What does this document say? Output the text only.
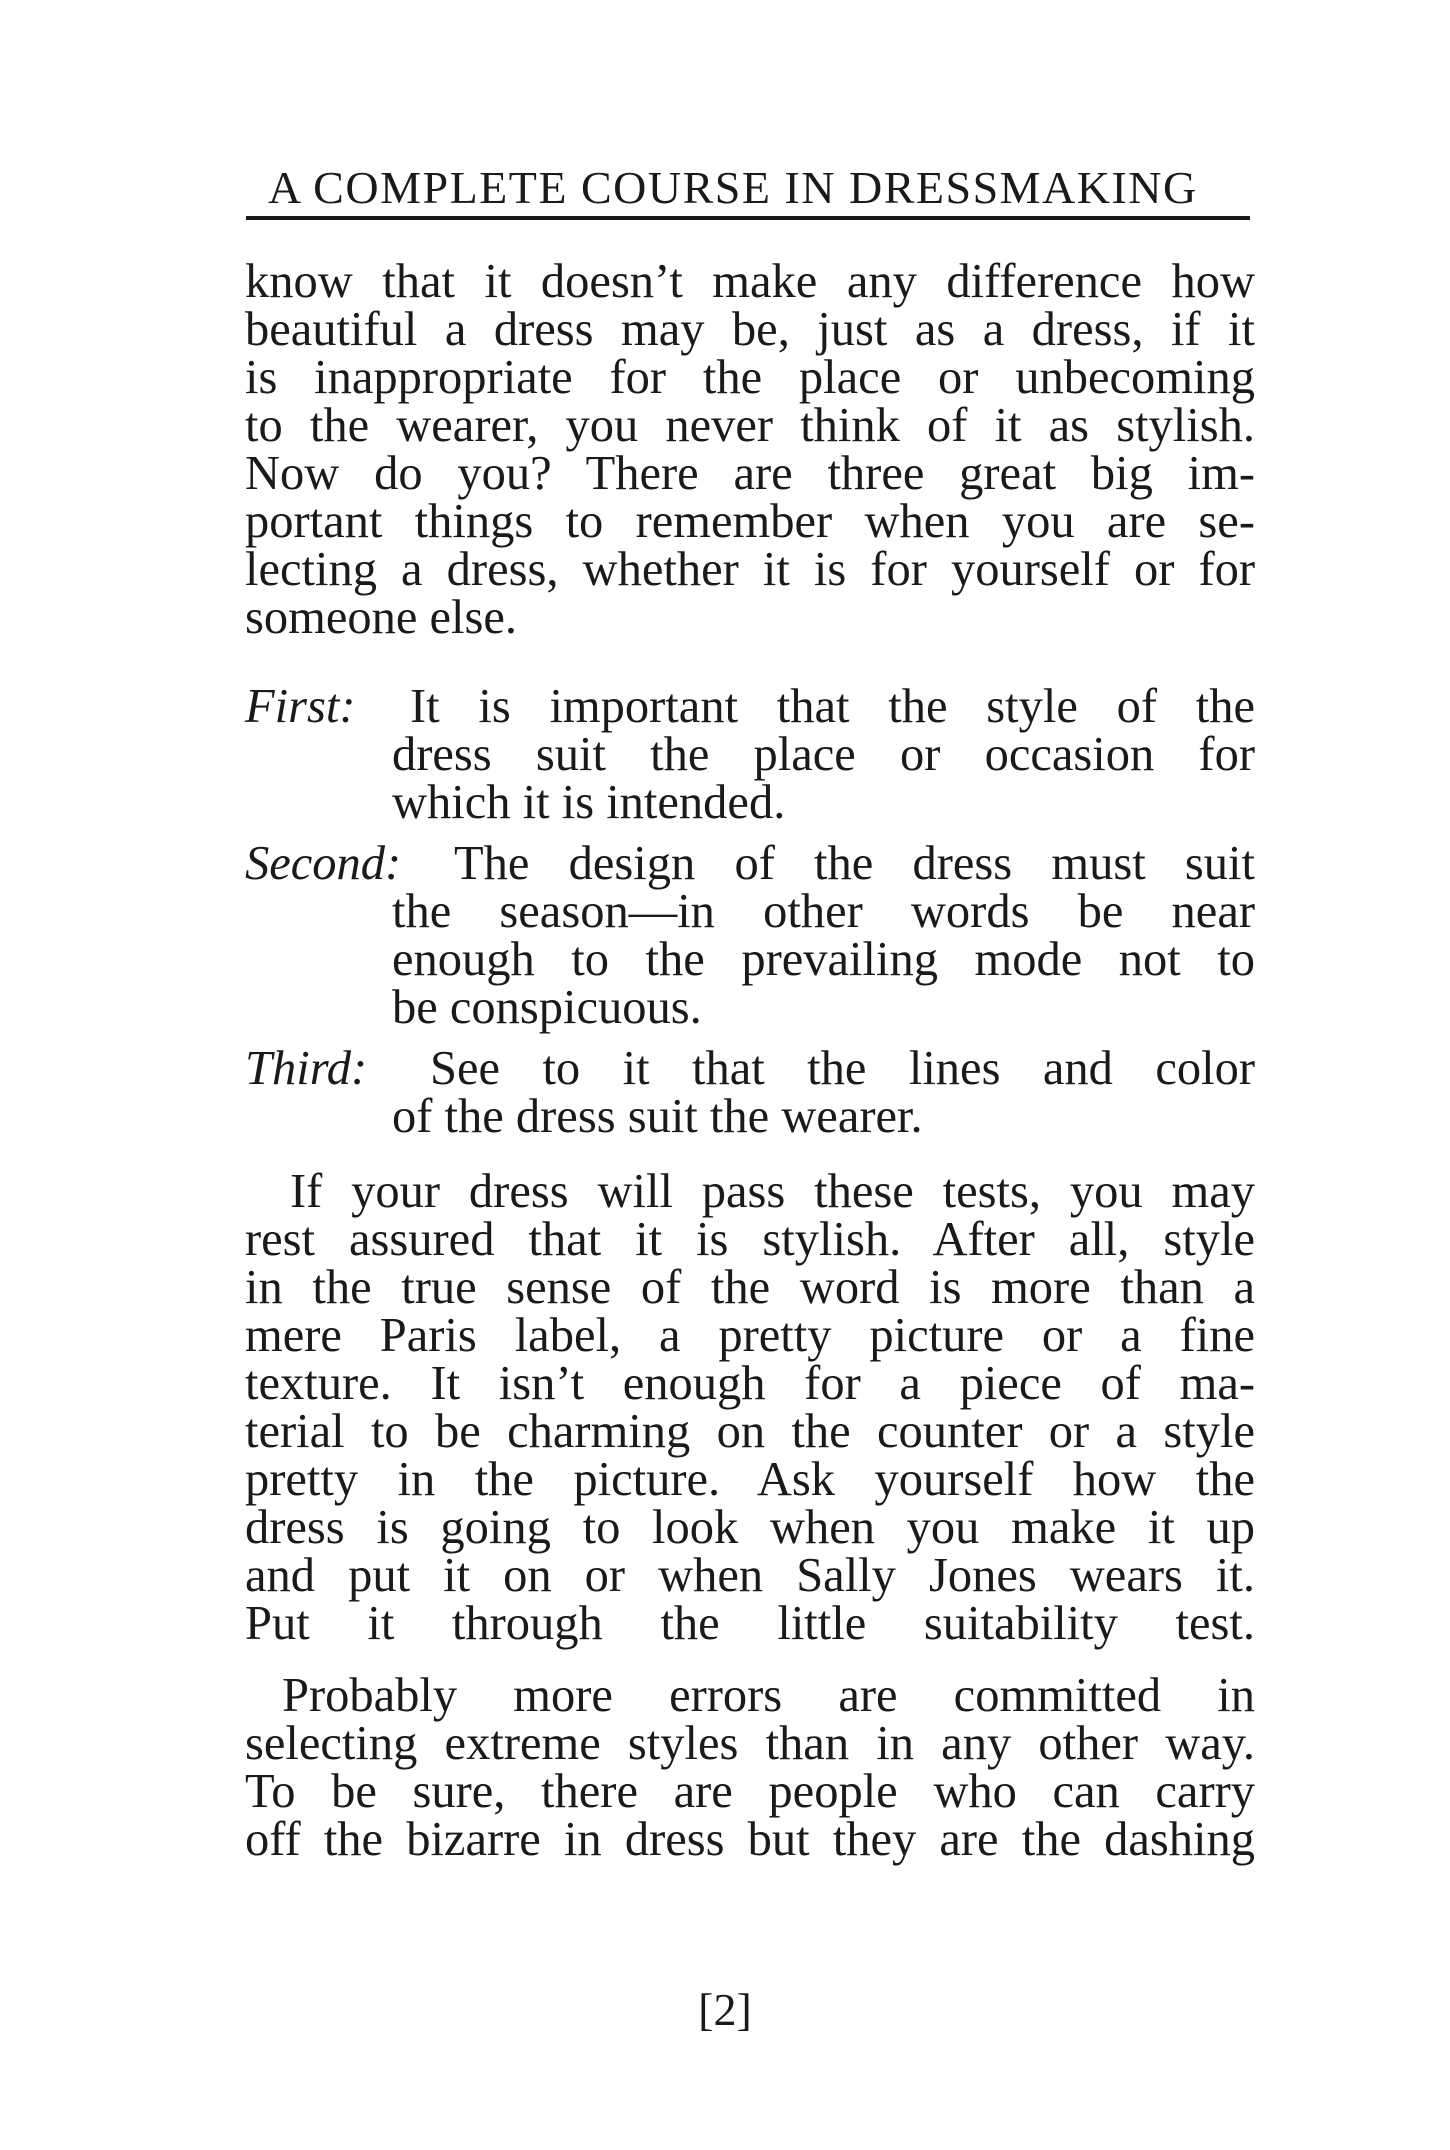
A COMPLETE COURSE IN DRESSMAKING
know that it doesn’t make any difference how
beautiful a dress may be, just as a dress, if it
is inappropriate for the place or unbecoming
to the wearer, you never think of it as stylish.
Now do you? There are three great big im-
portant things to remember when you are se-
lecting a dress, whether it is for yourself or for
someone else.
First: It is important that the style of the
dress suit the place or occasion for
which it is intended.
Second: The design of the dress must suit
the season—in other words be near
enough to the prevailing mode not to
be conspicuous.
Third: See to it that the lines and color
of the dress suit the wearer.
If your dress will pass these tests, you may
rest assured that it is stylish. After all, style
in the true sense of the word is more than a
mere Paris label, a pretty picture or a fine
texture. It isn’t enough for a piece of ma-
terial to be charming on the counter or a style
pretty in the picture. Ask yourself how the
dress is going to look when you make it up
and put it on or when Sally Jones wears it.
Put it through the little suitability test.
Probably more errors are committed in
selecting extreme styles than in any other way.
To be sure, there are people who can carry
off the bizarre in dress but they are the dashing
[2]
